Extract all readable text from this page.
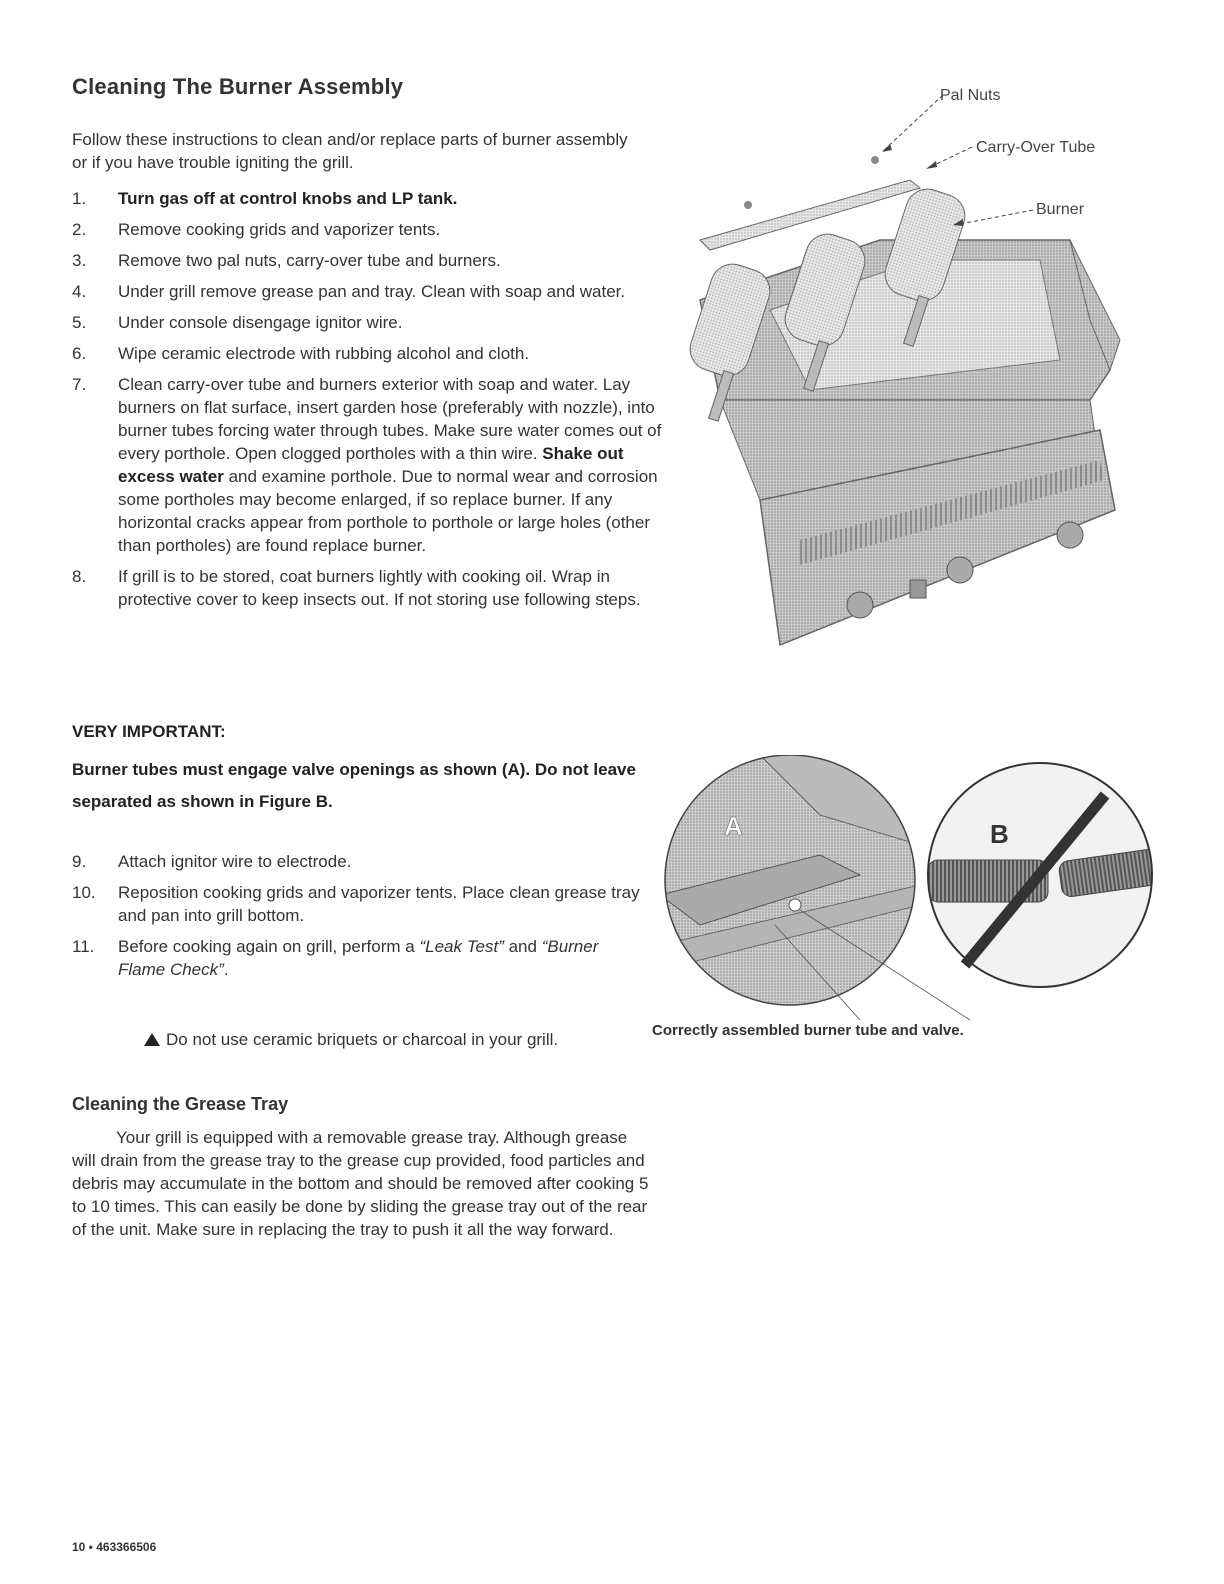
Cleaning The Burner Assembly
Follow these instructions to clean and/or replace parts of burner assembly or if you have trouble igniting the grill.
1.	Turn gas off at control knobs and LP tank.
2.	Remove cooking grids and vaporizer tents.
3.	Remove two pal nuts, carry-over tube and burners.
4.	Under grill remove grease pan and tray. Clean with soap and water.
5.	Under console disengage ignitor wire.
6.	Wipe ceramic electrode with rubbing alcohol and cloth.
7.	Clean carry-over tube and burners exterior with soap and water. Lay burners on flat surface, insert garden hose (preferably with nozzle), into burner tubes forcing water through tubes. Make sure water comes out of every porthole. Open clogged portholes with a thin wire. Shake out excess water and examine porthole. Due to normal wear and corrosion some portholes may become enlarged, if so replace burner. If any horizontal cracks appear from porthole to porthole or large holes (other than portholes) are found replace burner.
8.	If grill is to be stored, coat burners lightly with cooking oil. Wrap in protective cover to keep insects out. If not storing use following steps.
VERY IMPORTANT:
Burner tubes must engage valve openings as shown (A). Do not leave separated as shown in Figure B.
9.	Attach ignitor wire to electrode.
10.	Reposition cooking grids and vaporizer tents. Place clean grease tray and pan into grill bottom.
11.	Before cooking again on grill, perform a “Leak Test” and “Burner Flame Check”.
Do not use ceramic briquets or charcoal in your grill.
Pal Nuts
Carry-Over Tube
Burner
A	B
Correctly assembled burner tube and valve.
Cleaning the Grease Tray
Your grill is equipped with a removable grease tray. Although grease will drain from the grease tray to the grease cup provided, food particles and debris may accumulate in the bottom and should be removed after cooking 5 to 10 times. This can easily be done by sliding the grease tray out of the rear of the unit. Make sure in replacing the tray to push it all the way forward.
10 • 463366506
